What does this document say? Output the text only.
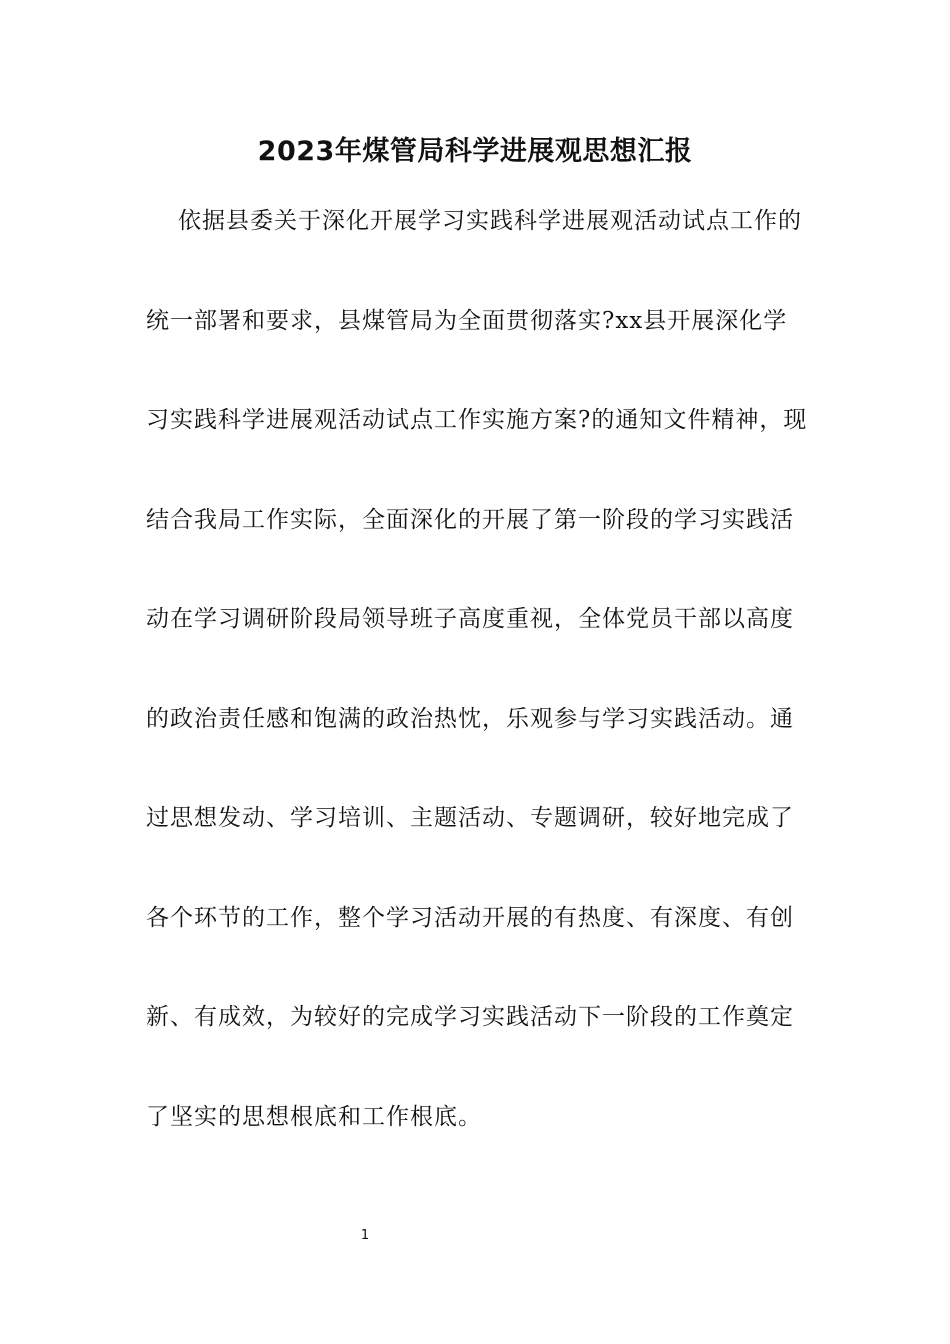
2023年煤管局科学进展观思想汇报
依据县委关于深化开展学习实践科学进展观活动试点工作的
统一部署和要求，县煤管局为全面贯彻落实?xx县开展深化学
习实践科学进展观活动试点工作实施方案?的通知文件精神，现
结合我局工作实际，全面深化的开展了第一阶段的学习实践活
动在学习调研阶段局领导班子高度重视，全体党员干部以高度
的政治责任感和饱满的政治热忱，乐观参与学习实践活动。通
过思想发动、学习培训、主题活动、专题调研，较好地完成了
各个环节的工作，整个学习活动开展的有热度、有深度、有创
新、有成效，为较好的完成学习实践活动下一阶段的工作奠定
了坚实的思想根底和工作根底。
1
